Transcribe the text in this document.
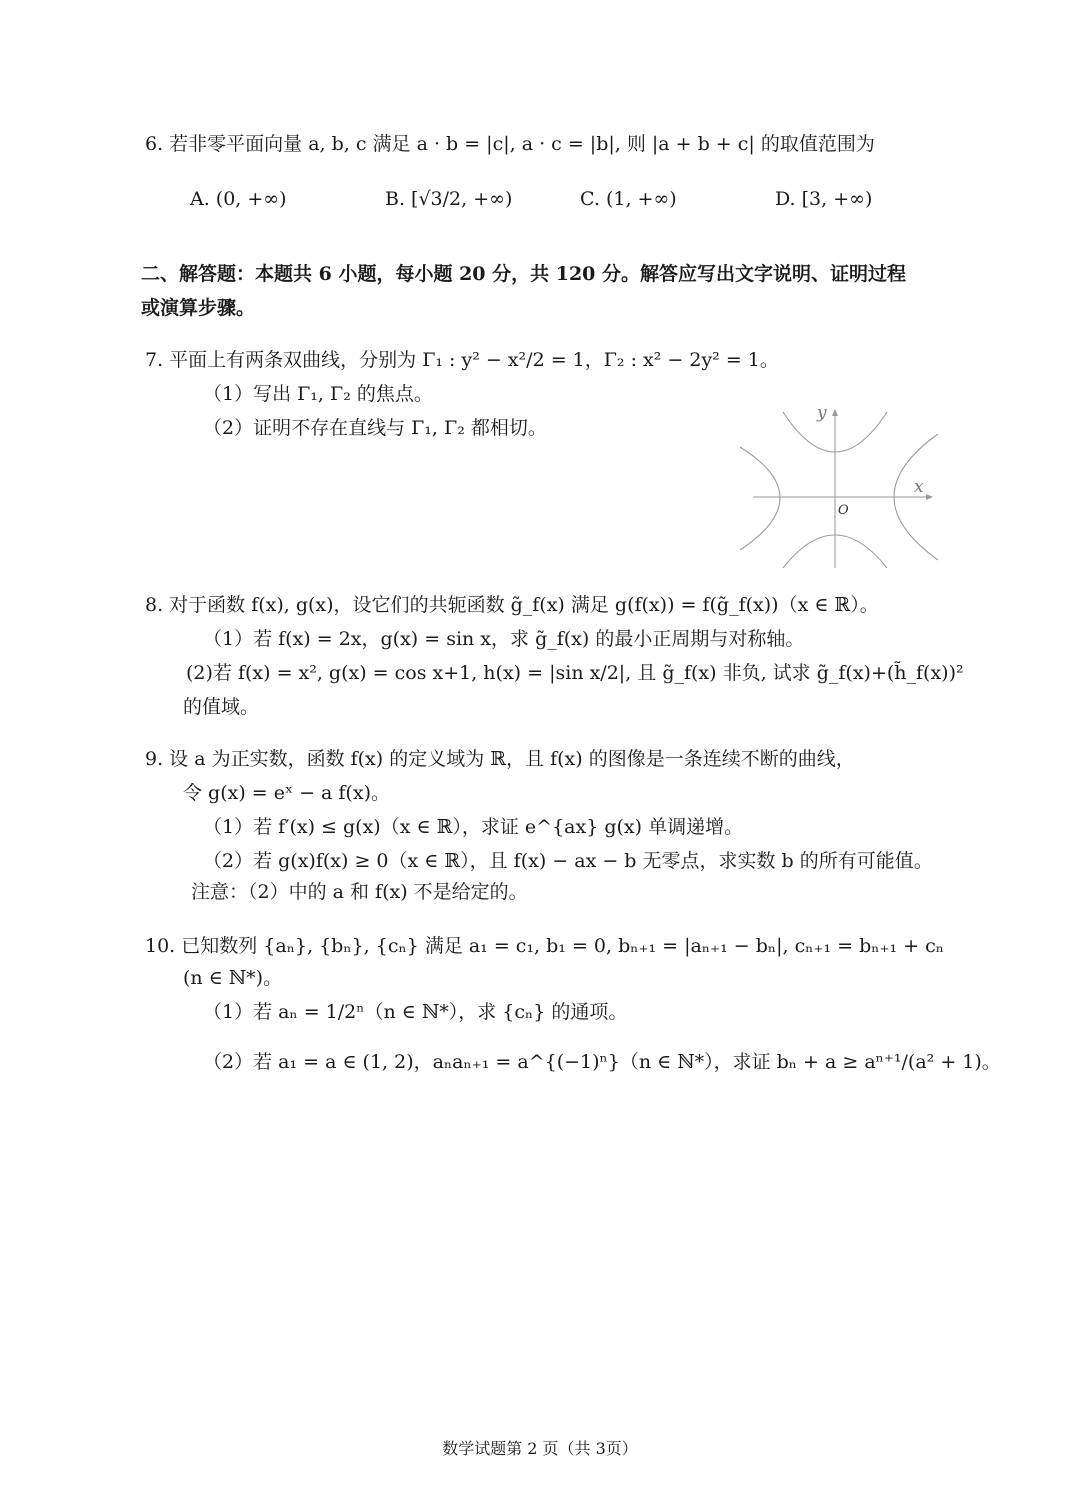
6. 若非零平面向量 a, b, c 满足 a · b = |c|, a · c = |b|, 则 |a + b + c| 的取值范围为
A. (0, +∞)	B. [√3/2, +∞)	C. (1, +∞)	D. [3, +∞)
二、解答题：本题共 6 小题，每小题 20 分，共 120 分。解答应写出文字说明、证明过程
或演算步骤。
7. 平面上有两条双曲线，分别为 Γ₁ : y² − x²/2 = 1，Γ₂ : x² − 2y² = 1。
（1）写出 Γ₁, Γ₂ 的焦点。
（2）证明不存在直线与 Γ₁, Γ₂ 都相切。
y
x
O
8. 对于函数 f(x), g(x)，设它们的共轭函数 g̃_f(x) 满足 g(f(x)) = f(g̃_f(x))（x ∈ ℝ）。
（1）若 f(x) = 2x，g(x) = sin x，求 g̃_f(x) 的最小正周期与对称轴。
(2)若 f(x) = x², g(x) = cos x+1, h(x) = |sin x/2|, 且 g̃_f(x) 非负, 试求 g̃_f(x)+(h̃_f(x))²
的值域。
9. 设 a 为正实数，函数 f(x) 的定义域为 ℝ，且 f(x) 的图像是一条连续不断的曲线，
令 g(x) = eˣ − a f(x)。
（1）若 f′(x) ≤ g(x)（x ∈ ℝ），求证 e^{ax} g(x) 单调递增。
（2）若 g(x)f(x) ≥ 0（x ∈ ℝ），且 f(x) − ax − b 无零点，求实数 b 的所有可能值。
注意：（2）中的 a 和 f(x) 不是给定的。
10. 已知数列 {aₙ}, {bₙ}, {cₙ} 满足 a₁ = c₁, b₁ = 0, bₙ₊₁ = |aₙ₊₁ − bₙ|, cₙ₊₁ = bₙ₊₁ + cₙ
(n ∈ ℕ*)。
（1）若 aₙ = 1/2ⁿ（n ∈ ℕ*），求 {cₙ} 的通项。
（2）若 a₁ = a ∈ (1, 2)，aₙaₙ₊₁ = a^{(−1)ⁿ}（n ∈ ℕ*），求证 bₙ + a ≥ aⁿ⁺¹/(a² + 1)。
数学试题第 2 页（共 3页）
